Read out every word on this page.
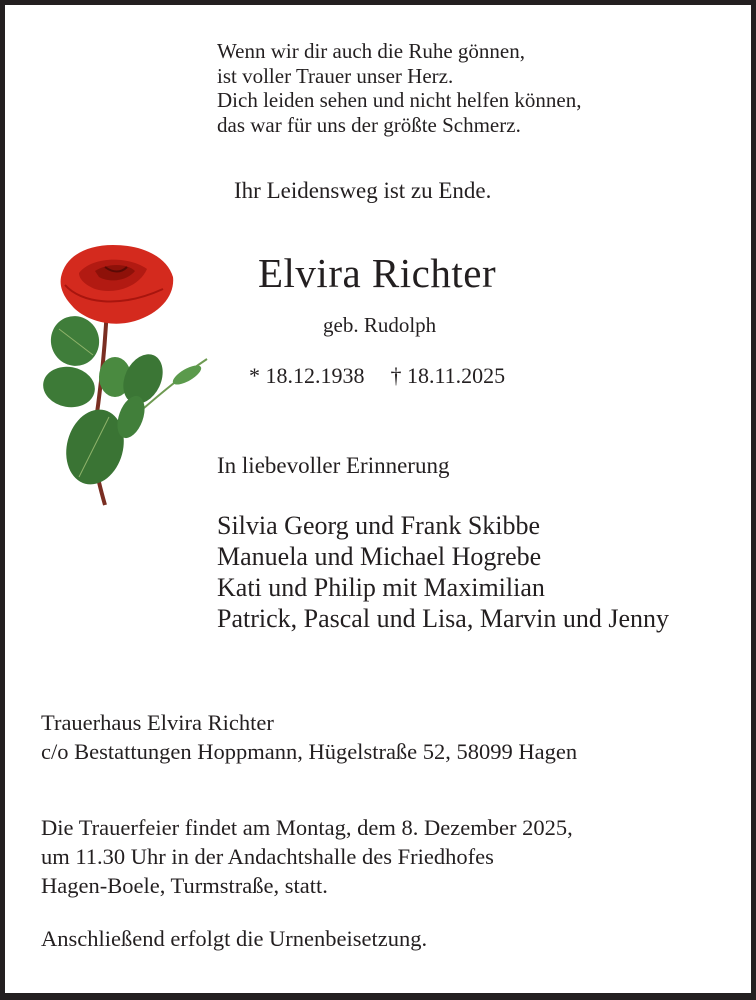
Wenn wir dir auch die Ruhe gönnen,
ist voller Trauer unser Herz.
Dich leiden sehen und nicht helfen können,
das war für uns der größte Schmerz.
Ihr Leidensweg ist zu Ende.
Elvira Richter
geb. Rudolph
* 18.12.1938 † 18.11.2025
In liebevoller Erinnerung
Silvia Georg und Frank Skibbe
Manuela und Michael Hogrebe
Kati und Philip mit Maximilian
Patrick, Pascal und Lisa, Marvin und Jenny
Trauerhaus Elvira Richter
c/o Bestattungen Hoppmann, Hügelstraße 52, 58099 Hagen
Die Trauerfeier findet am Montag, dem 8. Dezember 2025,
um 11.30 Uhr in der Andachtshalle des Friedhofes
Hagen-Boele, Turmstraße, statt.
Anschließend erfolgt die Urnenbeisetzung.
